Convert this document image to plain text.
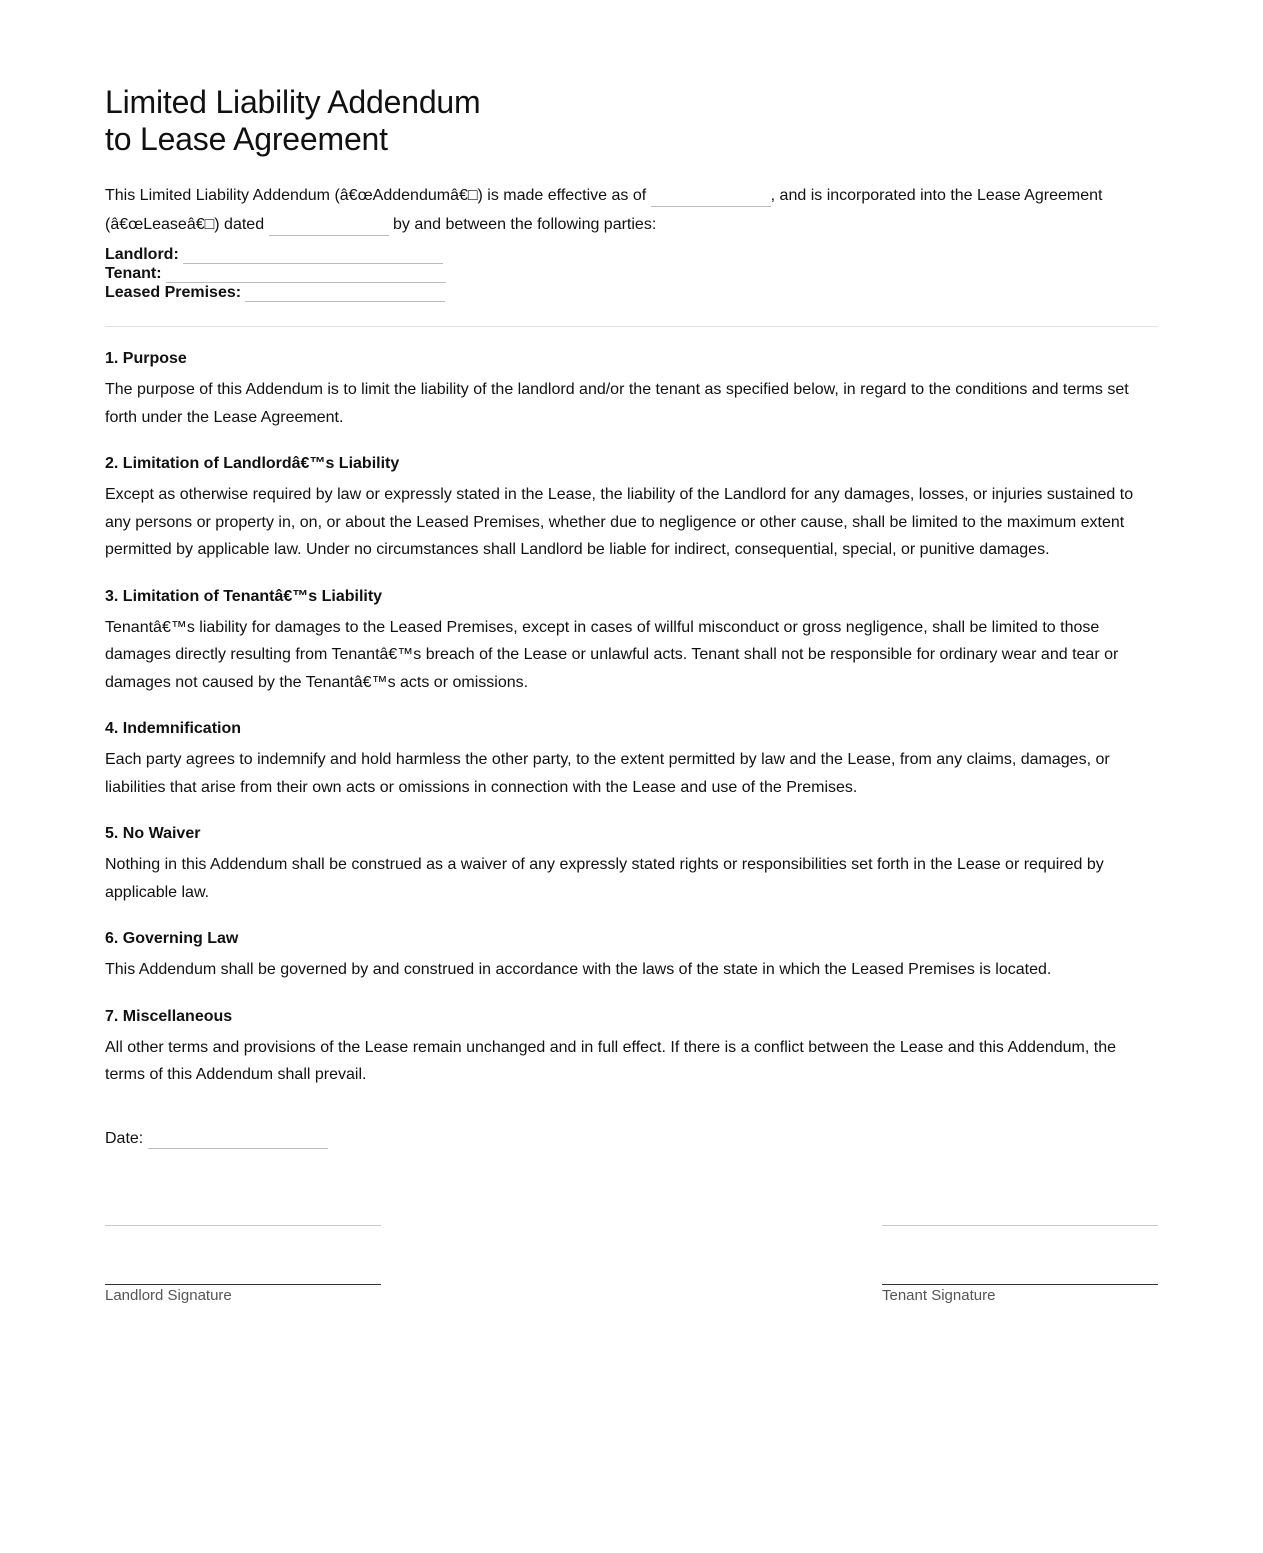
Limited Liability Addendum
to Lease Agreement
This Limited Liability Addendum (â€œAddendumâ€□) is made effective as of	, and is incorporated into the Lease Agreement (â€œLeaseâ€□) dated	by and between the following parties:
Landlord:
Tenant:
Leased Premises:
1. Purpose

The purpose of this Addendum is to limit the liability of the landlord and/or the tenant as specified below, in regard to the conditions and terms set forth under the Lease Agreement.

2. Limitation of Landlordâ€™s Liability

Except as otherwise required by law or expressly stated in the Lease, the liability of the Landlord for any damages, losses, or injuries sustained to any persons or property in, on, or about the Leased Premises, whether due to negligence or other cause, shall be limited to the maximum extent permitted by applicable law. Under no circumstances shall Landlord be liable for indirect, consequential, special, or punitive damages.

3. Limitation of Tenantâ€™s Liability

Tenantâ€™s liability for damages to the Leased Premises, except in cases of willful misconduct or gross negligence, shall be limited to those damages directly resulting from Tenantâ€™s breach of the Lease or unlawful acts. Tenant shall not be responsible for ordinary wear and tear or damages not caused by the Tenantâ€™s acts or omissions.

4. Indemnification

Each party agrees to indemnify and hold harmless the other party, to the extent permitted by law and the Lease, from any claims, damages, or liabilities that arise from their own acts or omissions in connection with the Lease and use of the Premises.

5. No Waiver

Nothing in this Addendum shall be construed as a waiver of any expressly stated rights or responsibilities set forth in the Lease or required by applicable law.

6. Governing Law

This Addendum shall be governed by and construed in accordance with the laws of the state in which the Leased Premises is located.

7. Miscellaneous

All other terms and provisions of the Lease remain unchanged and in full effect. If there is a conflict between the Lease and this Addendum, the terms of this Addendum shall prevail.

Date:
Landlord Signature	Tenant Signature
